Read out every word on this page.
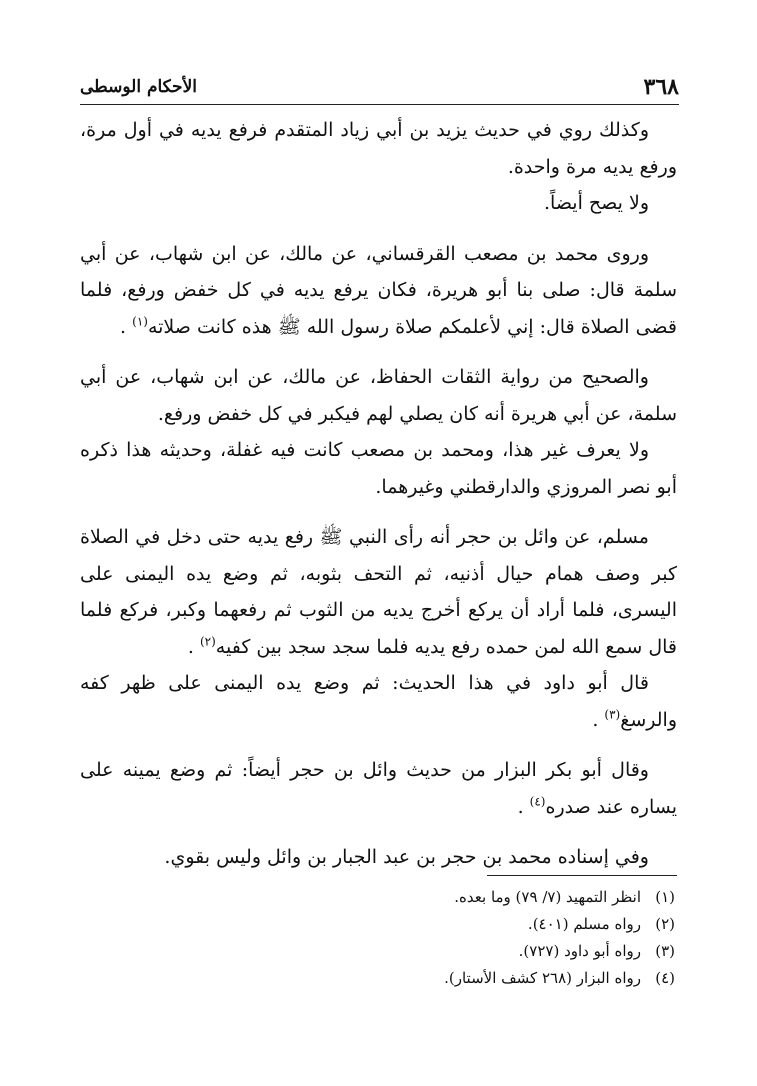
٣٦٨
الأحكام الوسطى

وكذلك روي في حديث يزيد بن أبي زياد المتقدم فرفع يديه في أول مرة، ورفع يديه مرة واحدة.

ولا يصح أيضاً.

وروى محمد بن مصعب القرقساني، عن مالك، عن ابن شهاب، عن أبي سلمة قال: صلى بنا أبو هريرة، فكان يرفع يديه في كل خفض ورفع، فلما قضى الصلاة قال: إني لأعلمكم صلاة رسول الله ﷺ هذه كانت صلاته$^{(١)}$ .

والصحيح من رواية الثقات الحفاظ، عن مالك، عن ابن شهاب، عن أبي سلمة، عن أبي هريرة أنه كان يصلي لهم فيكبر في كل خفض ورفع.

ولا يعرف غير هذا، ومحمد بن مصعب كانت فيه غفلة، وحديثه هذا ذكره أبو نصر المروزي والدارقطني وغيرهما.

مسلم، عن وائل بن حجر أنه رأى النبي ﷺ رفع يديه حتى دخل في الصلاة كبر وصف همام حيال أذنيه، ثم التحف بثوبه، ثم وضع يده اليمنى على اليسرى، فلما أراد أن يركع أخرج يديه من الثوب ثم رفعهما وكبر، فركع فلما قال سمع الله لمن حمده رفع يديه فلما سجد سجد بين كفيه$^{(٢)}$ .

قال أبو داود في هذا الحديث: ثم وضع يده اليمنى على ظهر كفه والرسغ$^{(٣)}$ .

وقال أبو بكر البزار من حديث وائل بن حجر أيضاً: ثم وضع يمينه على يساره عند صدره$^{(٤)}$ .

وفي إسناده محمد بن حجر بن عبد الجبار بن وائل وليس بقوي.

(١)انظر التمهيد (٧/ ٧٩) وما بعده.
(٢)رواه مسلم (٤٠١).
(٣)رواه أبو داود (٧٢٧).
(٤)رواه البزار (٢٦٨ كشف الأستار).
